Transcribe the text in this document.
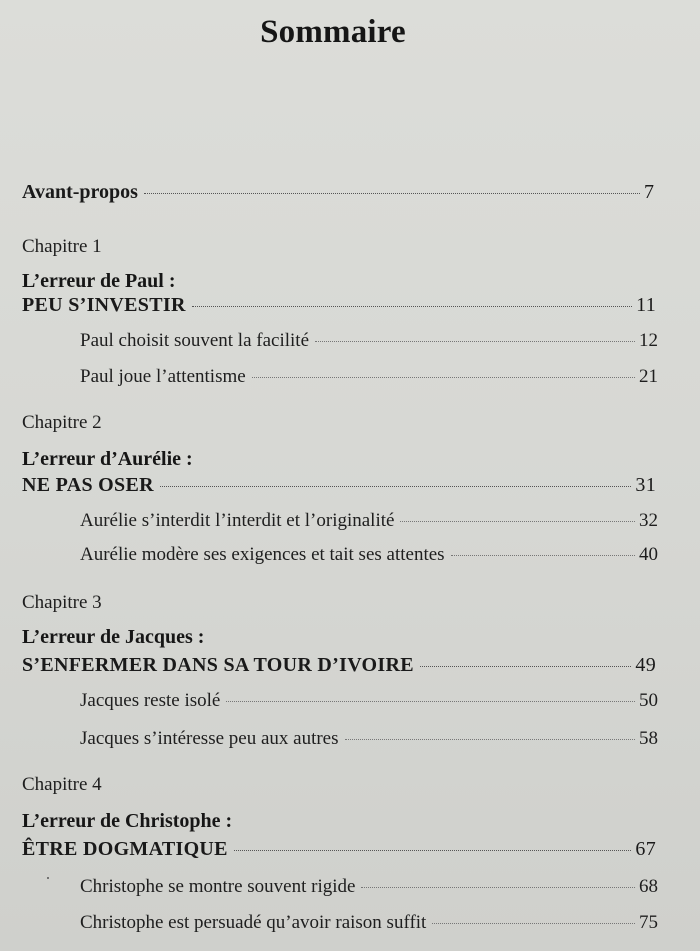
Sommaire
Avant-propos	7
Chapitre 1
L’erreur de Paul :
PEU S’INVESTIR	11
Paul choisit souvent la facilité	12
Paul joue l’attentisme	21
Chapitre 2
L’erreur d’Aurélie :
NE PAS OSER	31
Aurélie s’interdit l’interdit et l’originalité	32
Aurélie modère ses exigences et tait ses attentes	40
Chapitre 3
L’erreur de Jacques :
S’ENFERMER DANS SA TOUR D’IVOIRE	49
Jacques reste isolé	50
Jacques s’intéresse peu aux autres	58
Chapitre 4
L’erreur de Christophe :
ÊTRE DOGMATIQUE	67
Christophe se montre souvent rigide	68
Christophe est persuadé qu’avoir raison suffit	75
